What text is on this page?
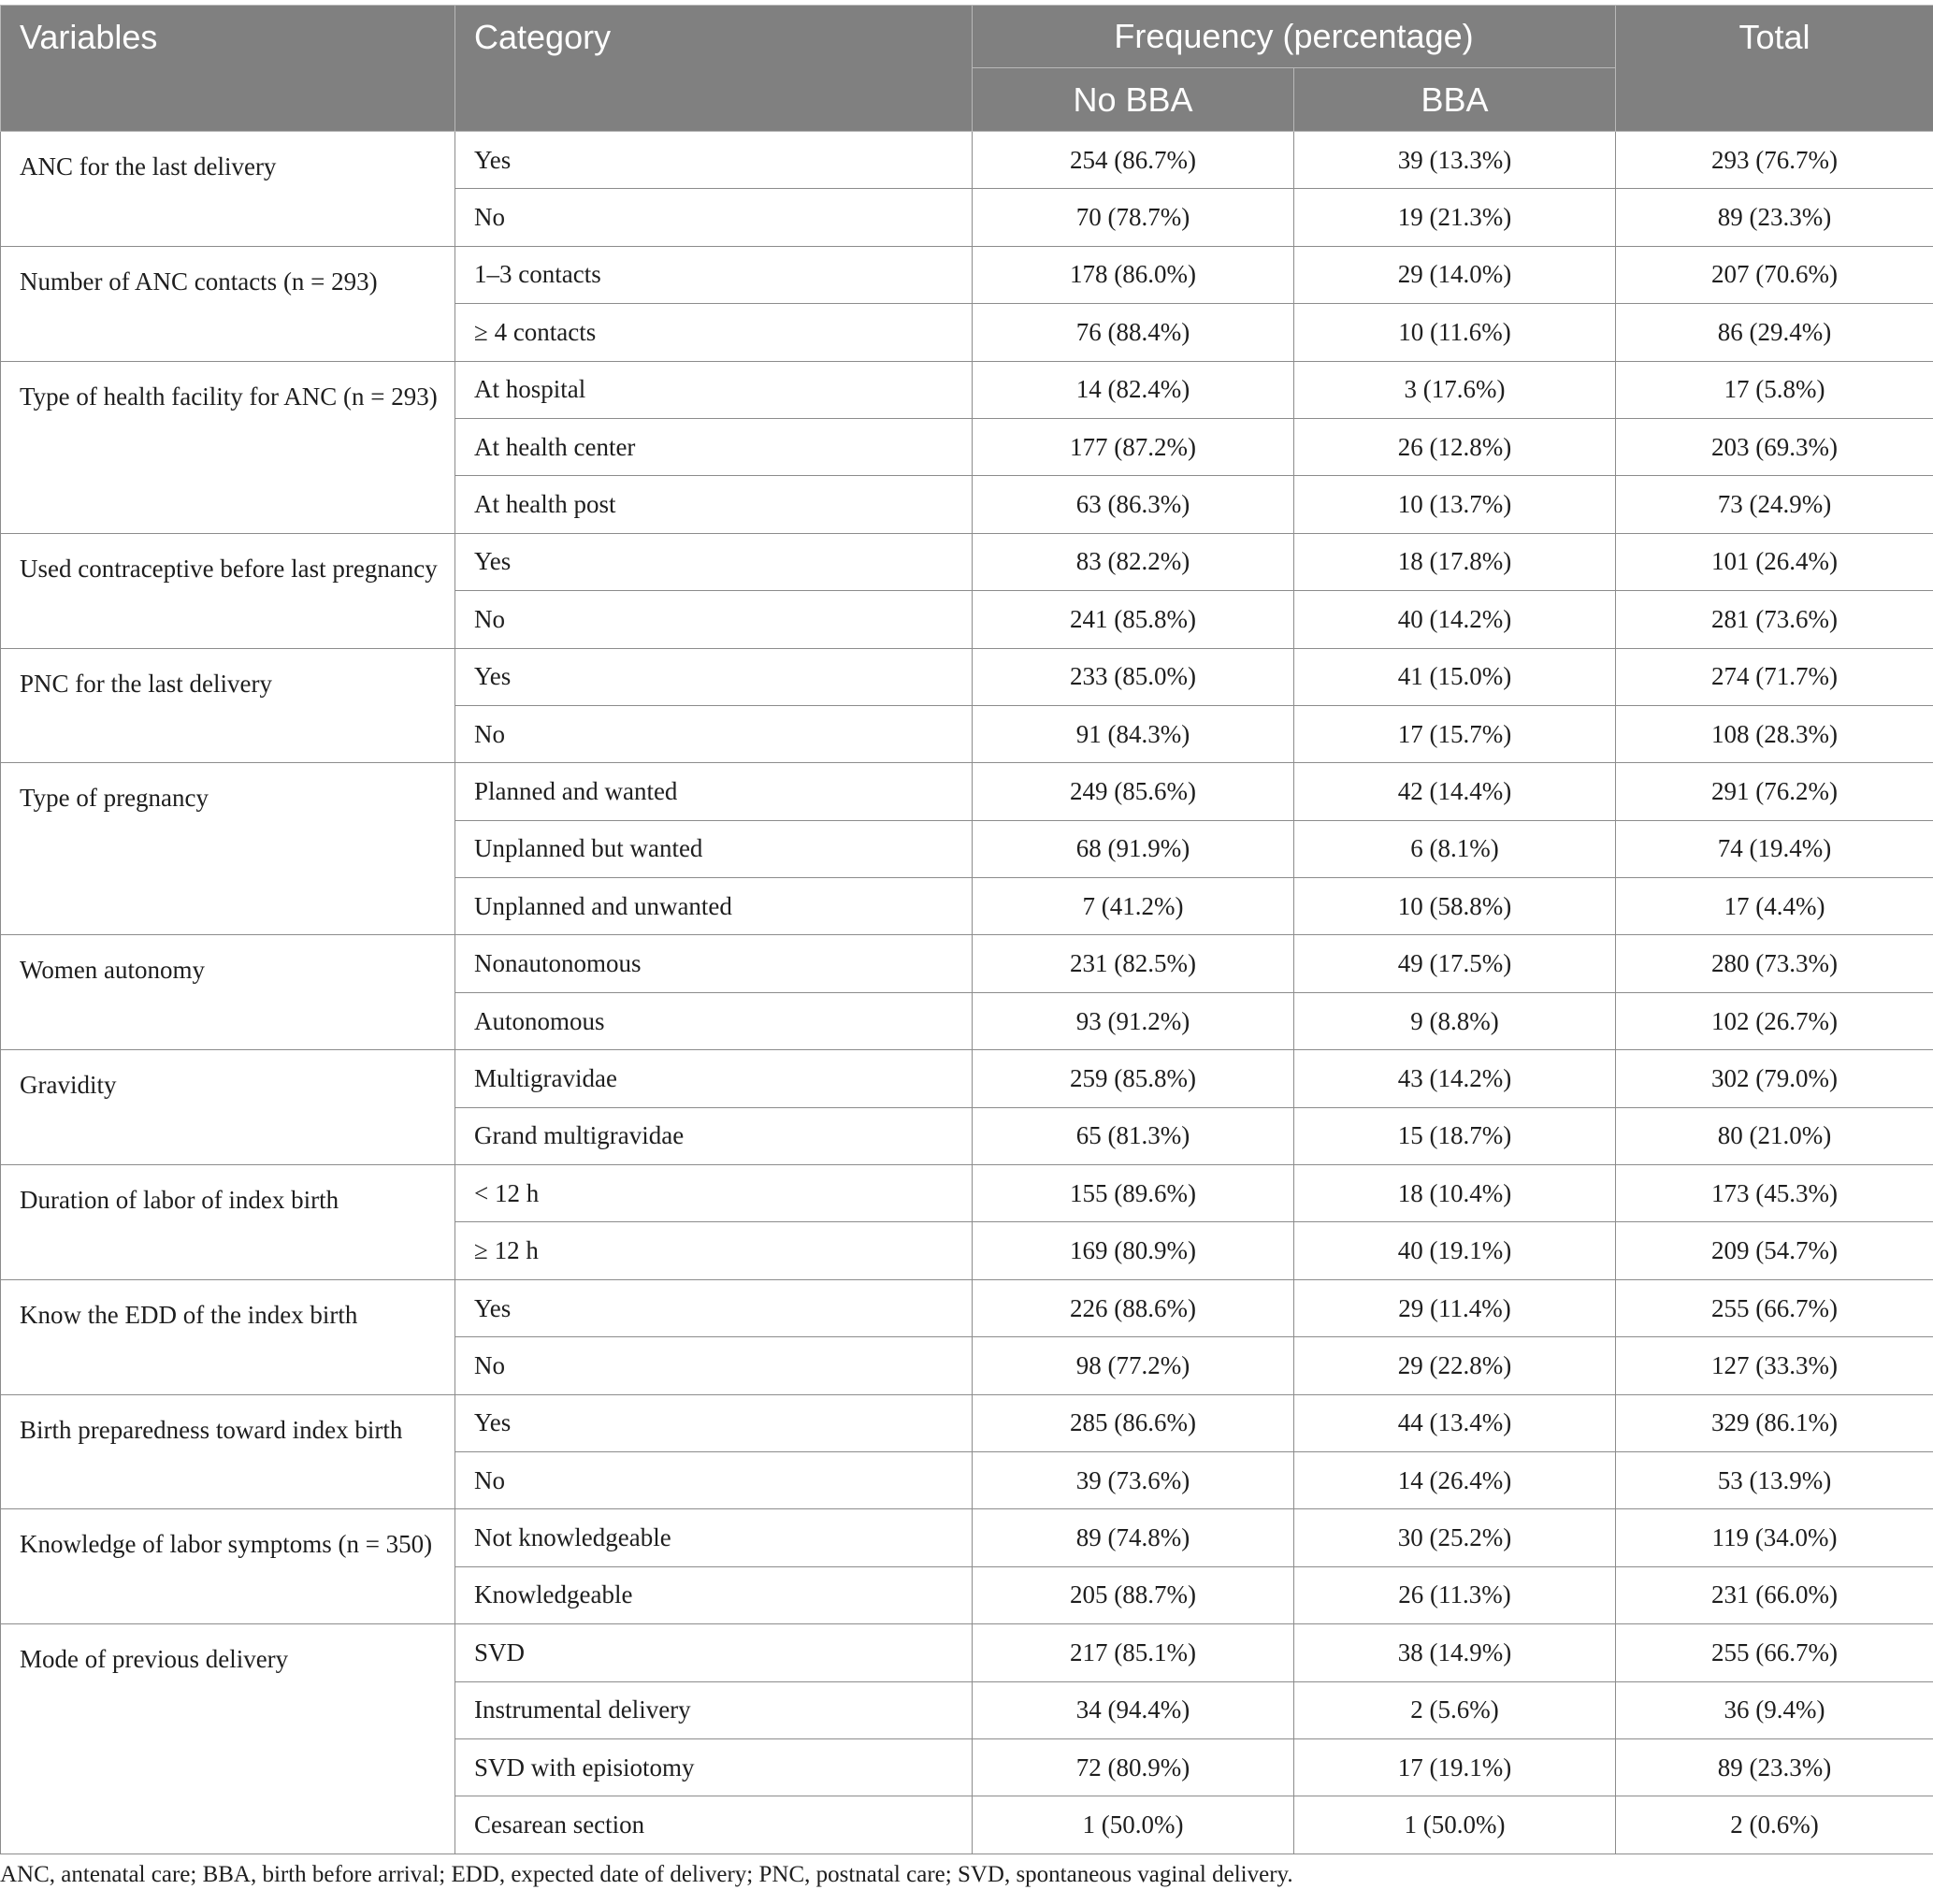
Variables	Category	Frequency (percentage)		Total
		No BBA	BBA	
ANC for the last delivery	Yes	254 (86.7%)	39 (13.3%)	293 (76.7%)
	No	70 (78.7%)	19 (21.3%)	89 (23.3%)
Number of ANC contacts (n = 293)	1–3 contacts	178 (86.0%)	29 (14.0%)	207 (70.6%)
	≥ 4 contacts	76 (88.4%)	10 (11.6%)	86 (29.4%)
Type of health facility for ANC (n = 293)	At hospital	14 (82.4%)	3 (17.6%)	17 (5.8%)
	At health center	177 (87.2%)	26 (12.8%)	203 (69.3%)
	At health post	63 (86.3%)	10 (13.7%)	73 (24.9%)
Used contraceptive before last pregnancy	Yes	83 (82.2%)	18 (17.8%)	101 (26.4%)
	No	241 (85.8%)	40 (14.2%)	281 (73.6%)
PNC for the last delivery	Yes	233 (85.0%)	41 (15.0%)	274 (71.7%)
	No	91 (84.3%)	17 (15.7%)	108 (28.3%)
Type of pregnancy	Planned and wanted	249 (85.6%)	42 (14.4%)	291 (76.2%)
	Unplanned but wanted	68 (91.9%)	6 (8.1%)	74 (19.4%)
	Unplanned and unwanted	7 (41.2%)	10 (58.8%)	17 (4.4%)
Women autonomy	Nonautonomous	231 (82.5%)	49 (17.5%)	280 (73.3%)
	Autonomous	93 (91.2%)	9 (8.8%)	102 (26.7%)
Gravidity	Multigravidae	259 (85.8%)	43 (14.2%)	302 (79.0%)
	Grand multigravidae	65 (81.3%)	15 (18.7%)	80 (21.0%)
Duration of labor of index birth	< 12 h	155 (89.6%)	18 (10.4%)	173 (45.3%)
	≥ 12 h	169 (80.9%)	40 (19.1%)	209 (54.7%)
Know the EDD of the index birth	Yes	226 (88.6%)	29 (11.4%)	255 (66.7%)
	No	98 (77.2%)	29 (22.8%)	127 (33.3%)
Birth preparedness toward index birth	Yes	285 (86.6%)	44 (13.4%)	329 (86.1%)
	No	39 (73.6%)	14 (26.4%)	53 (13.9%)
Knowledge of labor symptoms (n = 350)	Not knowledgeable	89 (74.8%)	30 (25.2%)	119 (34.0%)
	Knowledgeable	205 (88.7%)	26 (11.3%)	231 (66.0%)
Mode of previous delivery	SVD	217 (85.1%)	38 (14.9%)	255 (66.7%)
	Instrumental delivery	34 (94.4%)	2 (5.6%)	36 (9.4%)
	SVD with episiotomy	72 (80.9%)	17 (19.1%)	89 (23.3%)
	Cesarean section	1 (50.0%)	1 (50.0%)	2 (0.6%)
ANC, antenatal care; BBA, birth before arrival; EDD, expected date of delivery; PNC, postnatal care; SVD, spontaneous vaginal delivery.
